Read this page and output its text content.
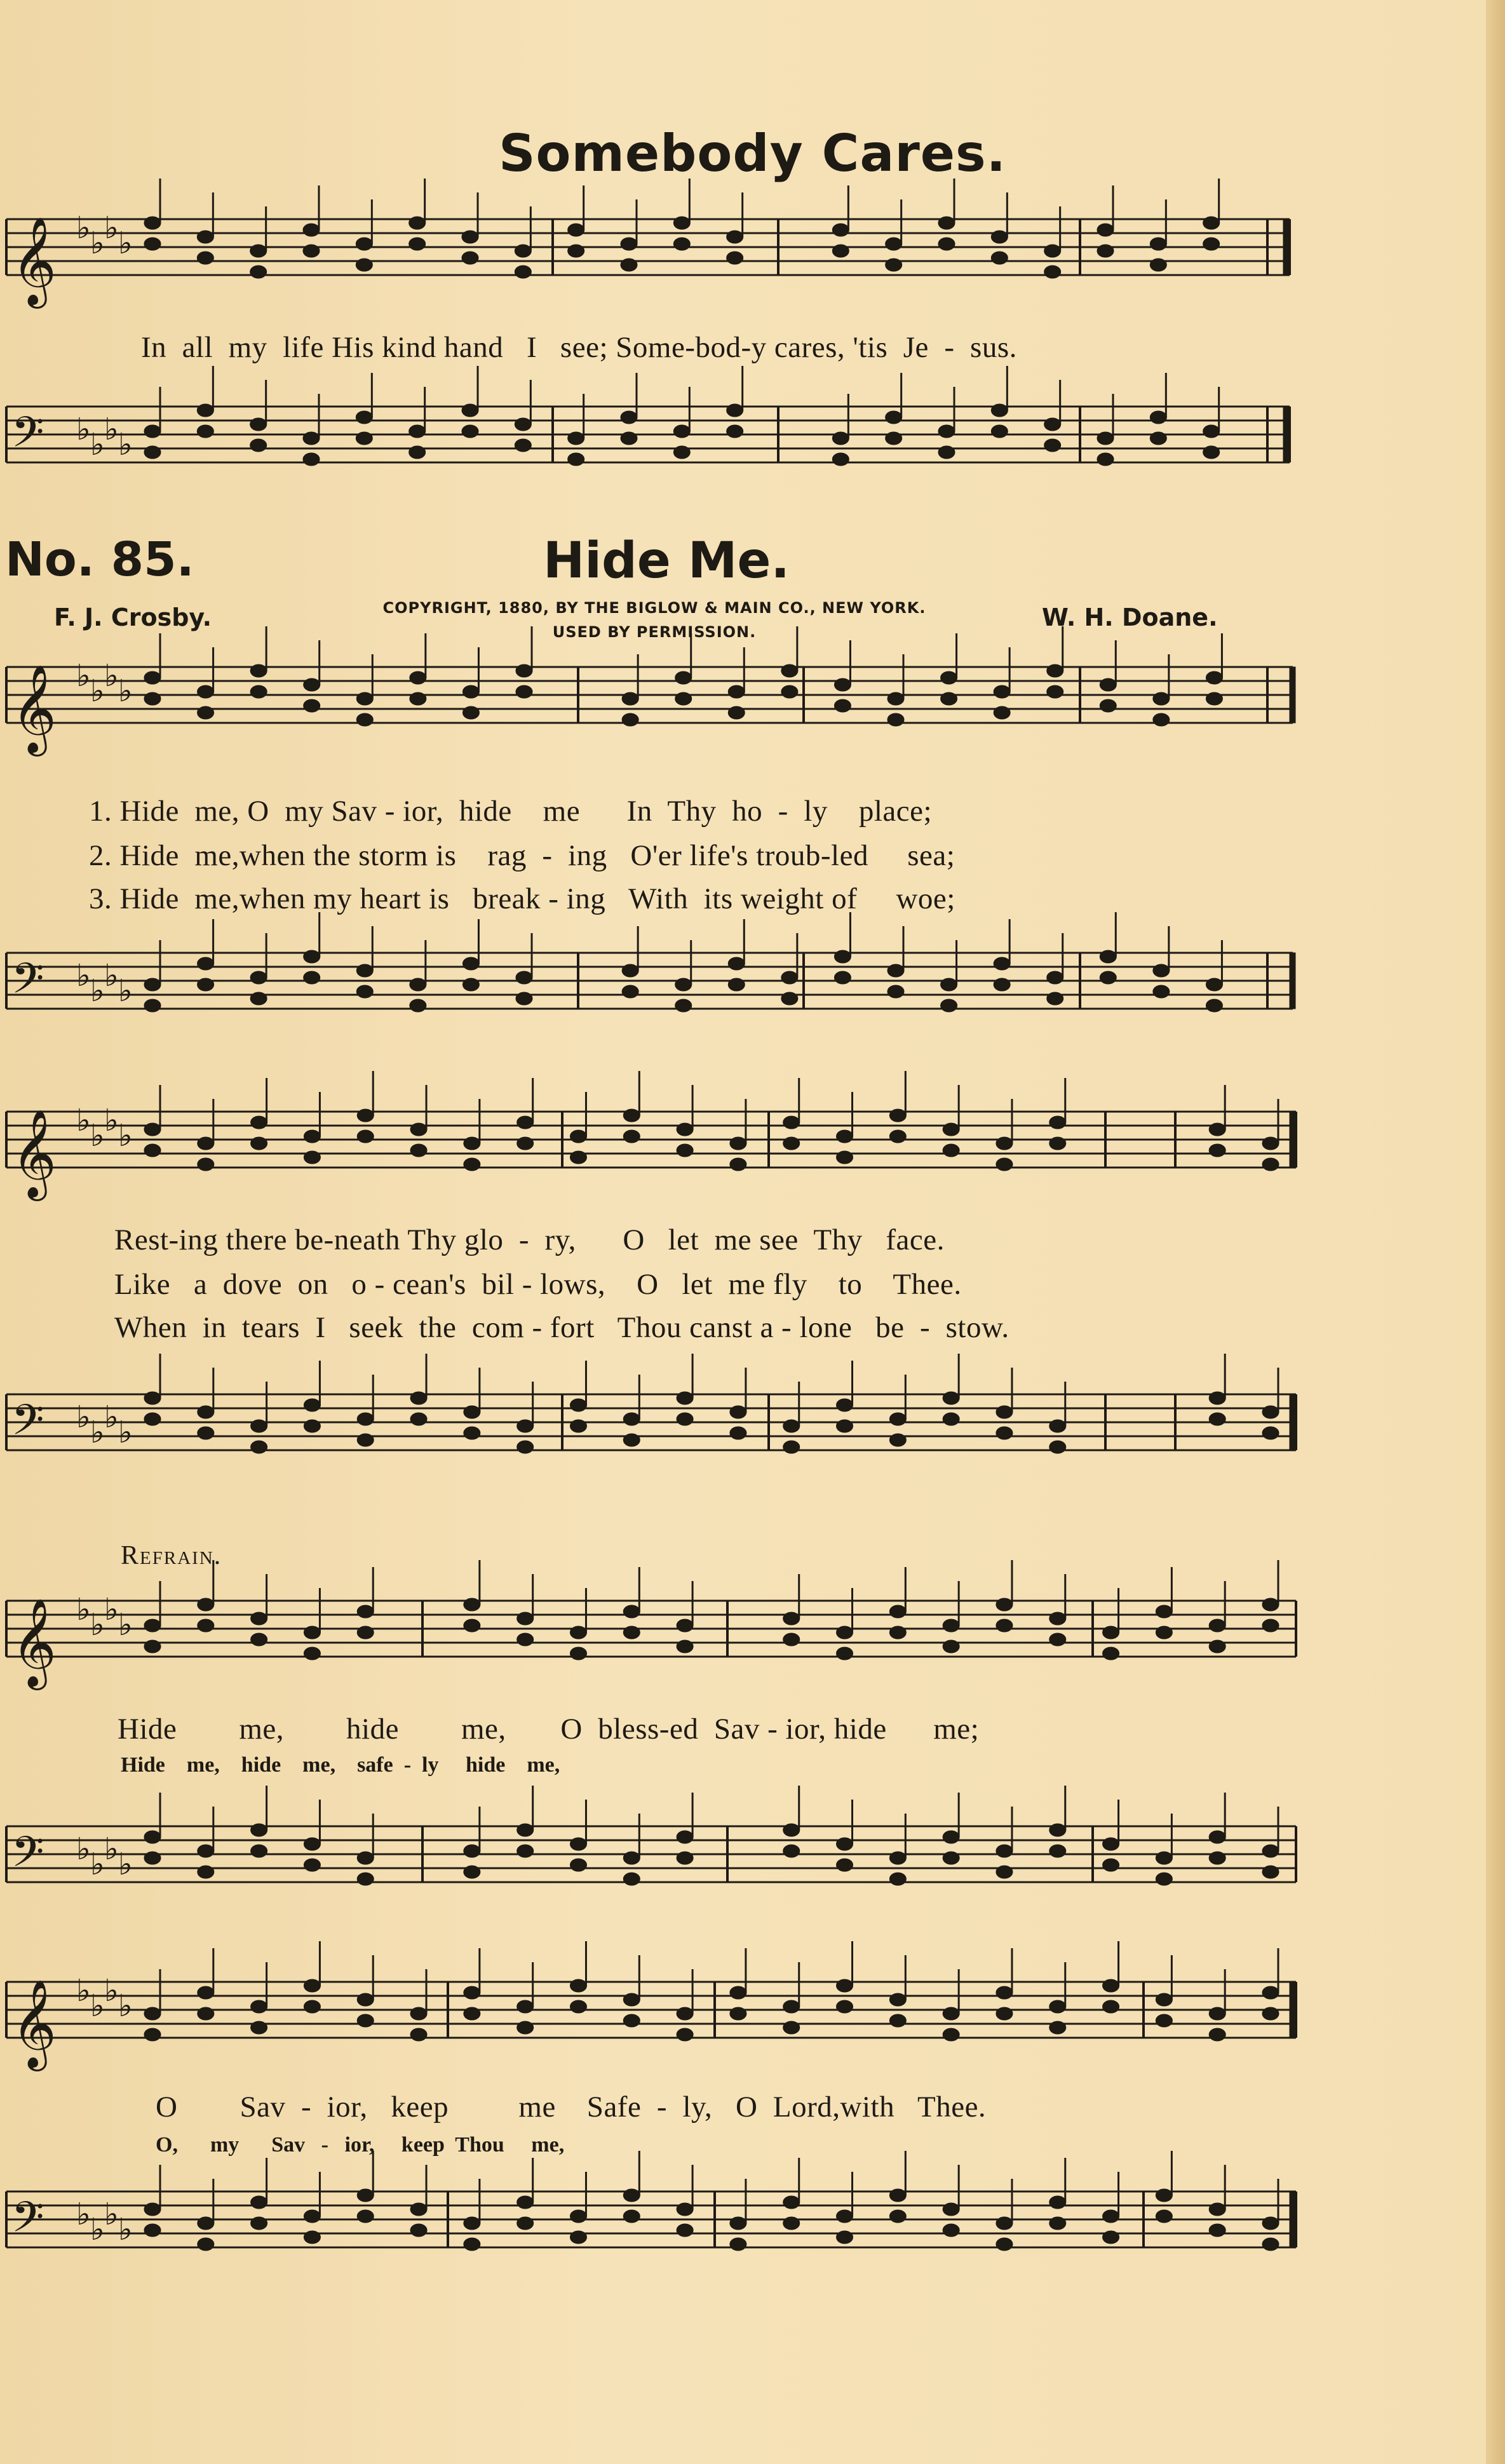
Somebody Cares.
𝄞 ♭ ♭ ♭ ♭
𝄢 ♭ ♭ ♭ ♭
𝄞 ♭ ♭ ♭ ♭
𝄢 ♭ ♭ ♭ ♭
𝄞 ♭ ♭ ♭ ♭
𝄢 ♭ ♭ ♭ ♭
𝄞 ♭ ♭ ♭ ♭
𝄢 ♭ ♭ ♭ ♭
𝄞 ♭ ♭ ♭ ♭
𝄢 ♭ ♭ ♭ ♭
In  all  my  life His kind hand   I   see; Some-bod-y cares, 'tis  Je  -  sus.
No. 85.	Hide Me.
F. J. Crosby.	COPYRIGHT, 1880, BY THE BIGLOW & MAIN CO., NEW YORK.
USED BY PERMISSION.
W. H. Doane.
1. Hide  me, O  my Sav - ior,  hide    me      In  Thy  ho  -  ly    place;
2. Hide  me,when the storm is    rag  -  ing   O'er life's troub-led     sea;
3. Hide  me,when my heart is   break - ing   With  its weight of     woe;
Rest-ing there be-neath Thy glo  -  ry,      O   let  me see  Thy   face.
Like   a  dove  on   o - cean's  bil - lows,    O   let  me fly    to    Thee.
When  in  tears  I   seek  the  com - fort   Thou canst a - lone   be  -  stow.
Refrain.
Hide        me,        hide        me,       O  bless-ed  Sav - ior, hide      me;
Hide    me,    hide    me,    safe  -  ly     hide    me,
O        Sav  -  ior,   keep         me    Safe  -  ly,   O  Lord,with   Thee.
O,      my      Sav   -   ior,     keep  Thou     me,
